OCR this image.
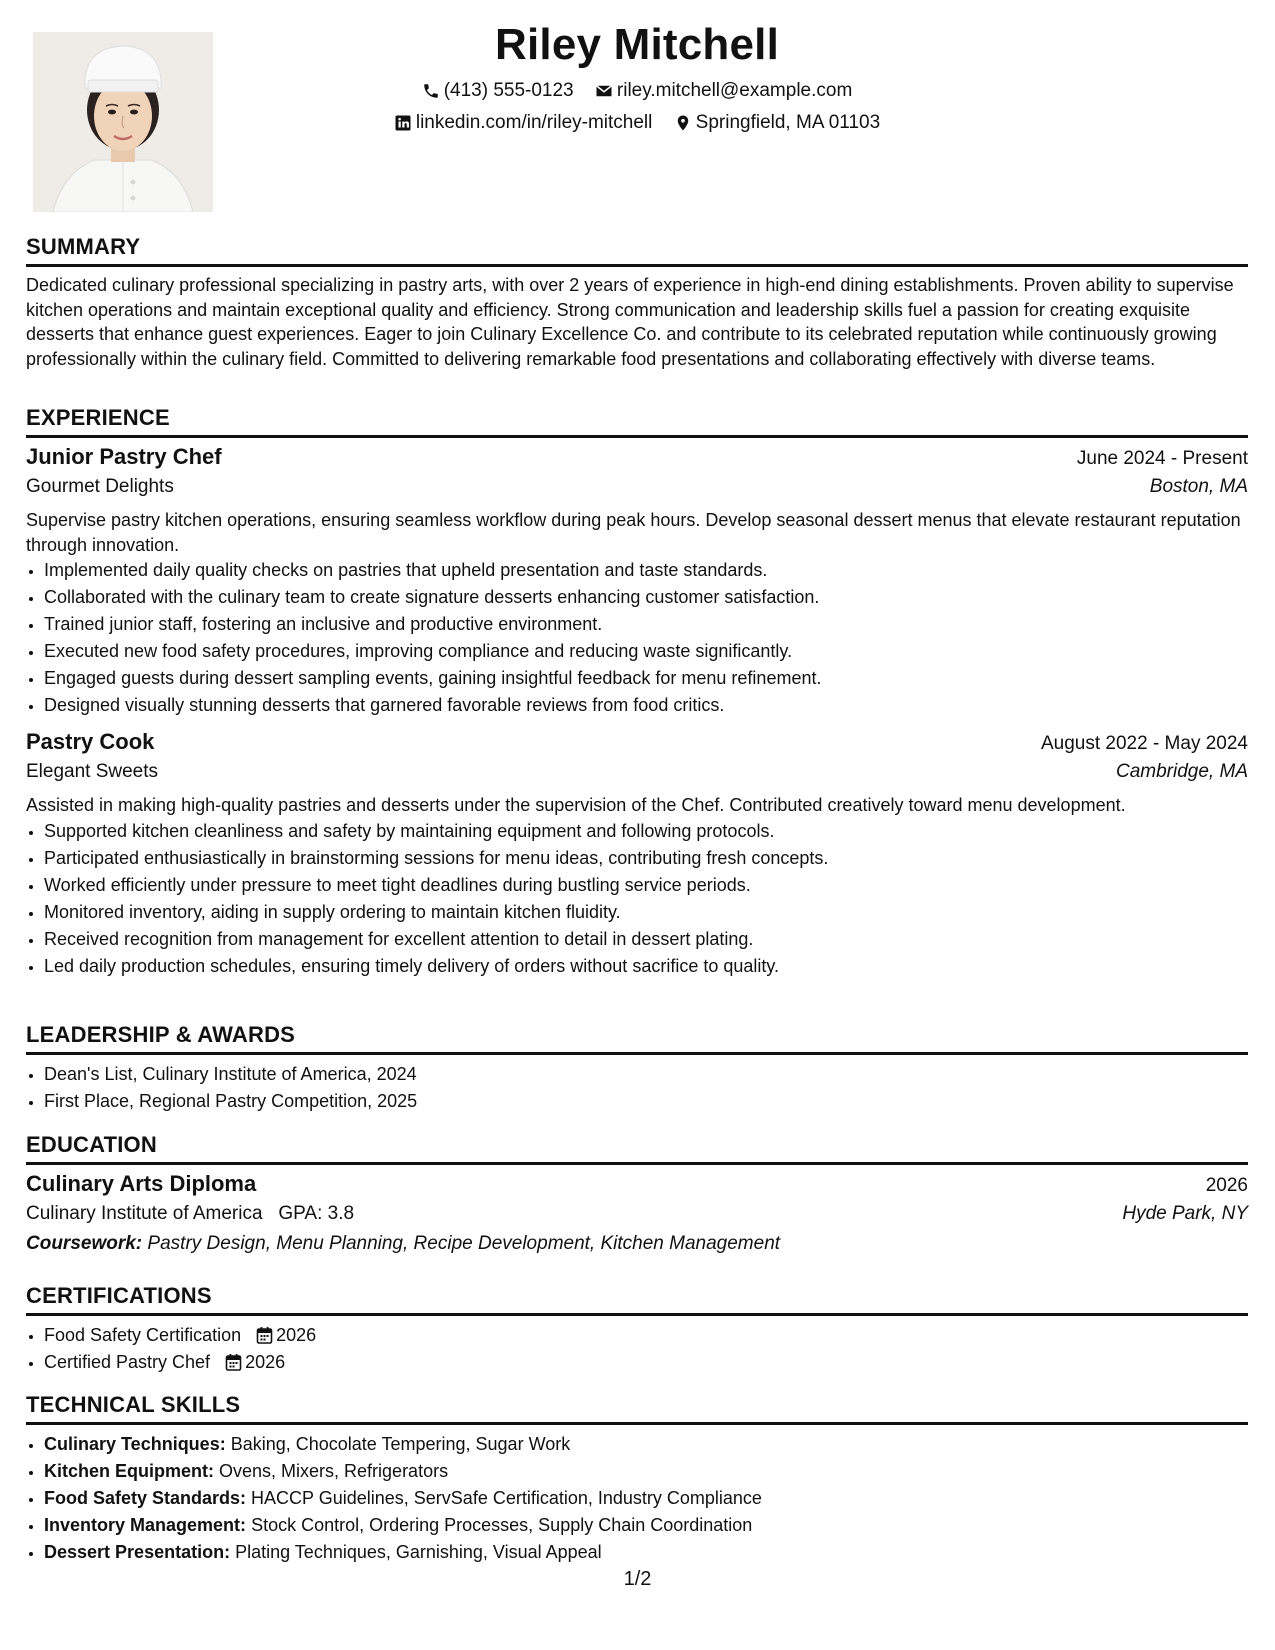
Riley Mitchell
(413) 555-0123
riley.mitchell@example.com
linkedin.com/in/riley-mitchell
Springfield, MA 01103
SUMMARY

Dedicated culinary professional specializing in pastry arts, with over 2 years of experience in high-end dining establishments. Proven ability to supervise kitchen operations and maintain exceptional quality and efficiency. Strong communication and leadership skills fuel a passion for creating exquisite desserts that enhance guest experiences. Eager to join Culinary Excellence Co. and contribute to its celebrated reputation while continuously growing professionally within the culinary field. Committed to delivering remarkable food presentations and collaborating effectively with diverse teams.

EXPERIENCE
Junior Pastry Chef	June 2024 - Present
Gourmet Delights	Boston, MA
Supervise pastry kitchen operations, ensuring seamless workflow during peak hours. Develop seasonal dessert menus that elevate restaurant reputation through innovation.
• Implemented daily quality checks on pastries that upheld presentation and taste standards.
• Collaborated with the culinary team to create signature desserts enhancing customer satisfaction.
• Trained junior staff, fostering an inclusive and productive environment.
• Executed new food safety procedures, improving compliance and reducing waste significantly.
• Engaged guests during dessert sampling events, gaining insightful feedback for menu refinement.
• Designed visually stunning desserts that garnered favorable reviews from food critics.
Pastry Cook	August 2022 - May 2024
Elegant Sweets	Cambridge, MA
Assisted in making high-quality pastries and desserts under the supervision of the Chef. Contributed creatively toward menu development.
• Supported kitchen cleanliness and safety by maintaining equipment and following protocols.
• Participated enthusiastically in brainstorming sessions for menu ideas, contributing fresh concepts.
• Worked efficiently under pressure to meet tight deadlines during bustling service periods.
• Monitored inventory, aiding in supply ordering to maintain kitchen fluidity.
• Received recognition from management for excellent attention to detail in dessert plating.
• Led daily production schedules, ensuring timely delivery of orders without sacrifice to quality.
LEADERSHIP & AWARDS
• Dean's List, Culinary Institute of America, 2024
• First Place, Regional Pastry Competition, 2025
EDUCATION
Culinary Arts Diploma	2026
Culinary Institute of America GPA: 3.8	Hyde Park, NY
Coursework: Pastry Design, Menu Planning, Recipe Development, Kitchen Management
CERTIFICATIONS
• Food Safety Certification 2026
• Certified Pastry Chef 2026
TECHNICAL SKILLS
• Culinary Techniques: Baking, Chocolate Tempering, Sugar Work
• Kitchen Equipment: Ovens, Mixers, Refrigerators
• Food Safety Standards: HACCP Guidelines, ServSafe Certification, Industry Compliance
• Inventory Management: Stock Control, Ordering Processes, Supply Chain Coordination
• Dessert Presentation: Plating Techniques, Garnishing, Visual Appeal
1/2
